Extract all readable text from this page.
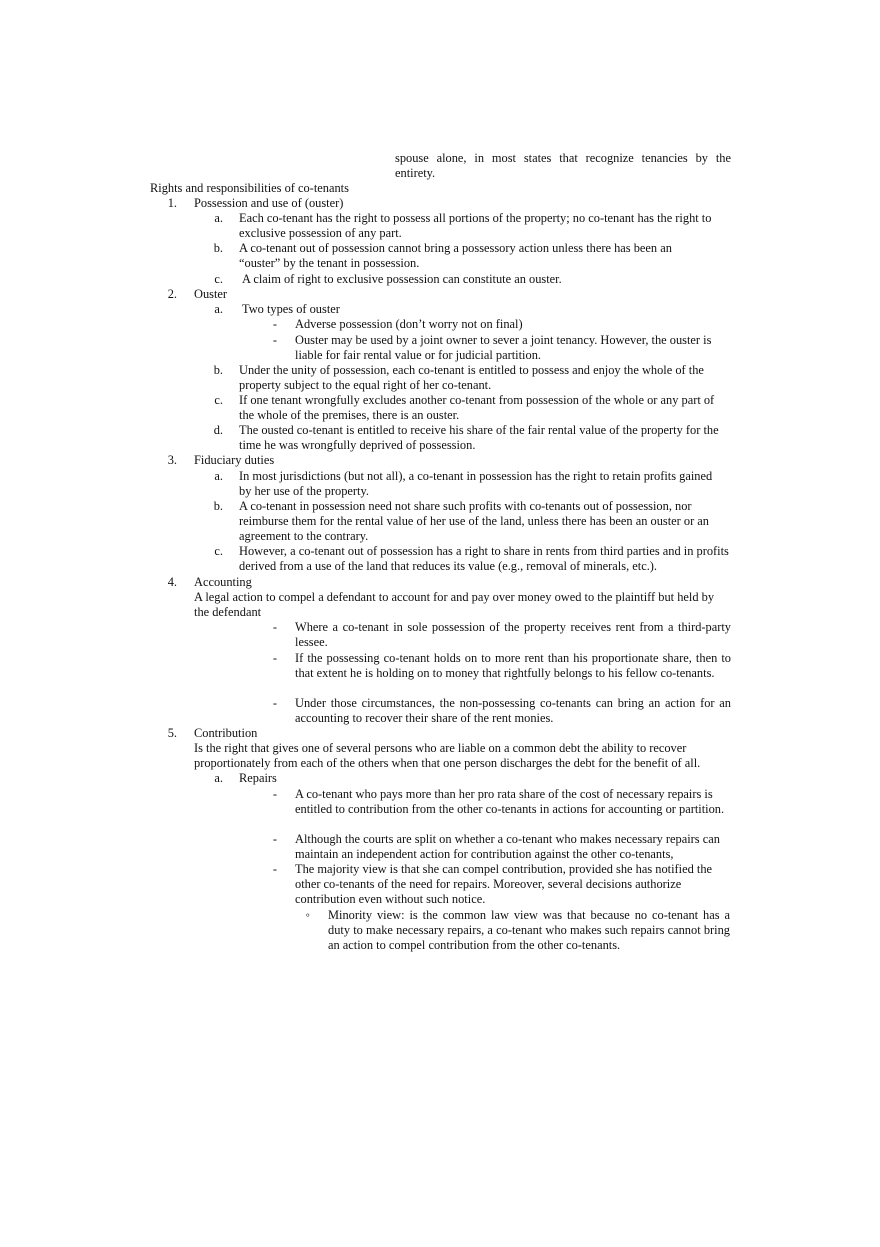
spouse alone, in most states that recognize tenancies by the
entirety.
Rights and responsibilities of co-tenants
1. Possession and use of (ouster)
a. Each co-tenant has the right to possess all portions of the property; no co-tenant has the right to exclusive possession of any part.
b. A co-tenant out of possession cannot bring a possessory action unless there has been an “ouster” by the tenant in possession.
c. A claim of right to exclusive possession can constitute an ouster.
2. Ouster
a. Two types of ouster
- Adverse possession (don’t worry not on final)
- Ouster may be used by a joint owner to sever a joint tenancy. However, the ouster is liable for fair rental value or for judicial partition.
b. Under the unity of possession, each co-tenant is entitled to possess and enjoy the whole of the property subject to the equal right of her co-tenant.
c. If one tenant wrongfully excludes another co-tenant from possession of the whole or any part of the whole of the premises, there is an ouster.
d. The ousted co-tenant is entitled to receive his share of the fair rental value of the property for the time he was wrongfully deprived of possession.
3. Fiduciary duties
a. In most jurisdictions (but not all), a co-tenant in possession has the right to retain profits gained by her use of the property.
b. A co-tenant in possession need not share such profits with co-tenants out of possession, nor reimburse them for the rental value of her use of the land, unless there has been an ouster or an agreement to the contrary.
c. However, a co-tenant out of possession has a right to share in rents from third parties and in profits derived from a use of the land that reduces its value (e.g., removal of minerals, etc.).
4. Accounting
A legal action to compel a defendant to account for and pay over money owed to the plaintiff but held by the defendant
- Where a co-tenant in sole possession of the property receives rent from a third-party lessee.
- If the possessing co-tenant holds on to more rent than his proportionate share, then to that extent he is holding on to money that rightfully belongs to his fellow co-tenants.
- Under those circumstances, the non-possessing co-tenants can bring an action for an accounting to recover their share of the rent monies.
5. Contribution
Is the right that gives one of several persons who are liable on a common debt the ability to recover proportionately from each of the others when that one person discharges the debt for the benefit of all.
a. Repairs
- A co-tenant who pays more than her pro rata share of the cost of necessary repairs is entitled to contribution from the other co-tenants in actions for accounting or partition.
- Although the courts are split on whether a co-tenant who makes necessary repairs can maintain an independent action for contribution against the other co-tenants,
- The majority view is that she can compel contribution, provided she has notified the other co-tenants of the need for repairs. Moreover, several decisions authorize contribution even without such notice.
◦ Minority view: is the common law view was that because no co-tenant has a duty to make necessary repairs, a co-tenant who makes such repairs cannot bring an action to compel contribution from the other co-tenants.
